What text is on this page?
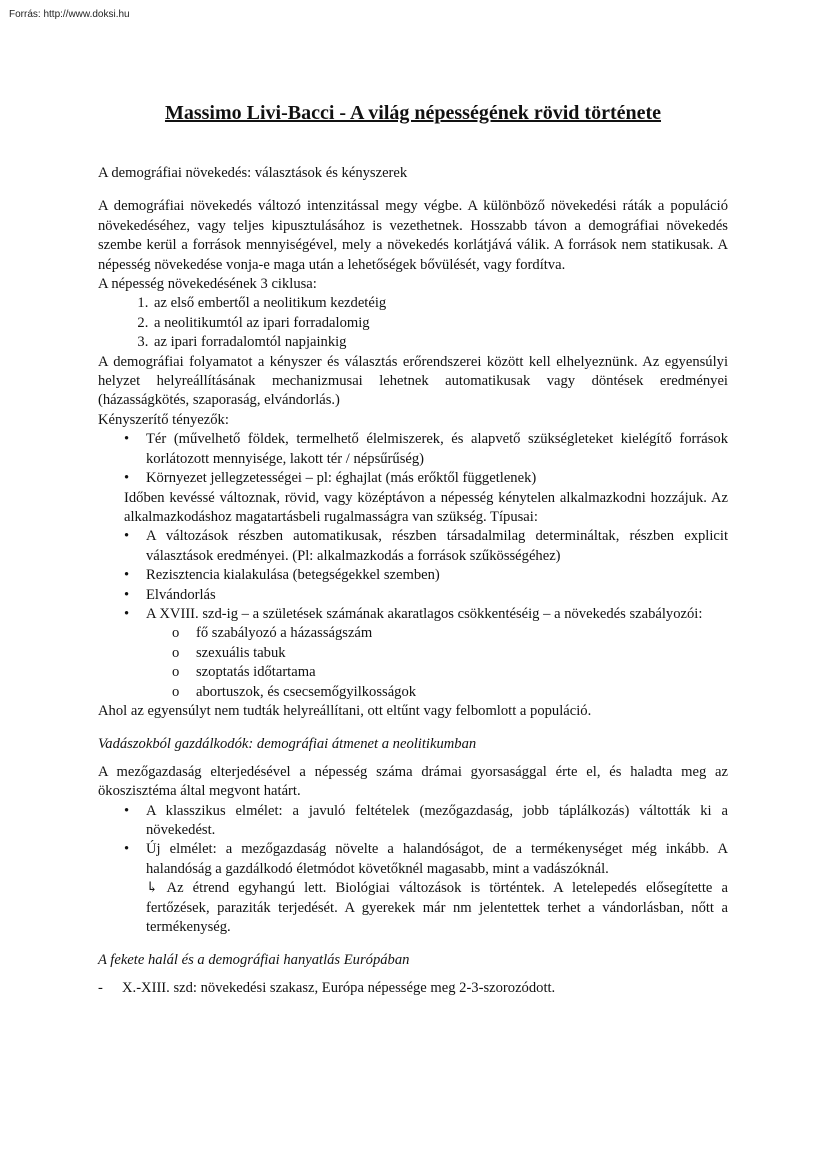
Forrás: http://www.doksi.hu
Massimo Livi-Bacci - A világ népességének rövid története

A demográfiai növekedés: választások és kényszerek

A demográfiai növekedés változó intenzitással megy végbe. A különböző növekedési ráták a populáció növekedéséhez, vagy teljes kipusztulásához is vezethetnek. Hosszabb távon a demográfiai növekedés szembe kerül a források mennyiségével, mely a növekedés korlátjává válik. A források nem statikusak. A népesség növekedése vonja-e maga után a lehetőségek bővülését, vagy fordítva.

A népesség növekedésének 3 ciklusa:

1. az első embertől a neolitikum kezdetéig
2. a neolitikumtól az ipari forradalomig
3. az ipari forradalomtól napjainkig

A demográfiai folyamatot a kényszer és választás erőrendszerei között kell elhelyeznünk. Az egyensúlyi helyzet helyreállításának mechanizmusai lehetnek automatikusak vagy döntések eredményei (házasságkötés, szaporaság, elvándorlás.)

Kényszerítő tényezők:

• Tér (művelhető földek, termelhető élelmiszerek, és alapvető szükségleteket kielégítő források korlátozott mennyisége, lakott tér / népsűrűség)
• Környezet jellegzetességei – pl: éghajlat (más erőktől függetlenek)

Időben kevéssé változnak, rövid, vagy középtávon a népesség kénytelen alkalmazkodni hozzájuk. Az alkalmazkodáshoz magatartásbeli rugalmasságra van szükség. Típusai:

• A változások részben automatikusak, részben társadalmilag determináltak, részben explicit választások eredményei. (Pl: alkalmazkodás a források szűkösségéhez)
• Rezisztencia kialakulása (betegségekkel szemben)
• Elvándorlás
• A XVIII. szd-ig – a születések számának akaratlagos csökkentéséig – a növekedés szabályozói:
o fő szabályozó a házasságszám
o szexuális tabuk
o szoptatás időtartama
o abortuszok, és csecsemőgyilkosságok

Ahol az egyensúlyt nem tudták helyreállítani, ott eltűnt vagy felbomlott a populáció.

Vadászokból gazdálkodók: demográfiai átmenet a neolitikumban

A mezőgazdaság elterjedésével a népesség száma drámai gyorsasággal érte el, és haladta meg az ökoszisztéma által megvont határt.

• A klasszikus elmélet: a javuló feltételek (mezőgazdaság, jobb táplálkozás) váltották ki a növekedést.
• Új elmélet: a mezőgazdaság növelte a halandóságot, de a termékenységet még inkább. A halandóság a gazdálkodó életmódot követőknél magasabb, mint a vadászóknál.

↳ Az étrend egyhangú lett. Biológiai változások is történtek. A letelepedés elősegítette a fertőzések, paraziták terjedését. A gyerekek már nm jelentettek terhet a vándorlásban, nőtt a termékenység.

A fekete halál és a demográfiai hanyatlás Európában

- X.-XIII. szd: növekedési szakasz, Európa népessége meg 2-3-szorozódott.
